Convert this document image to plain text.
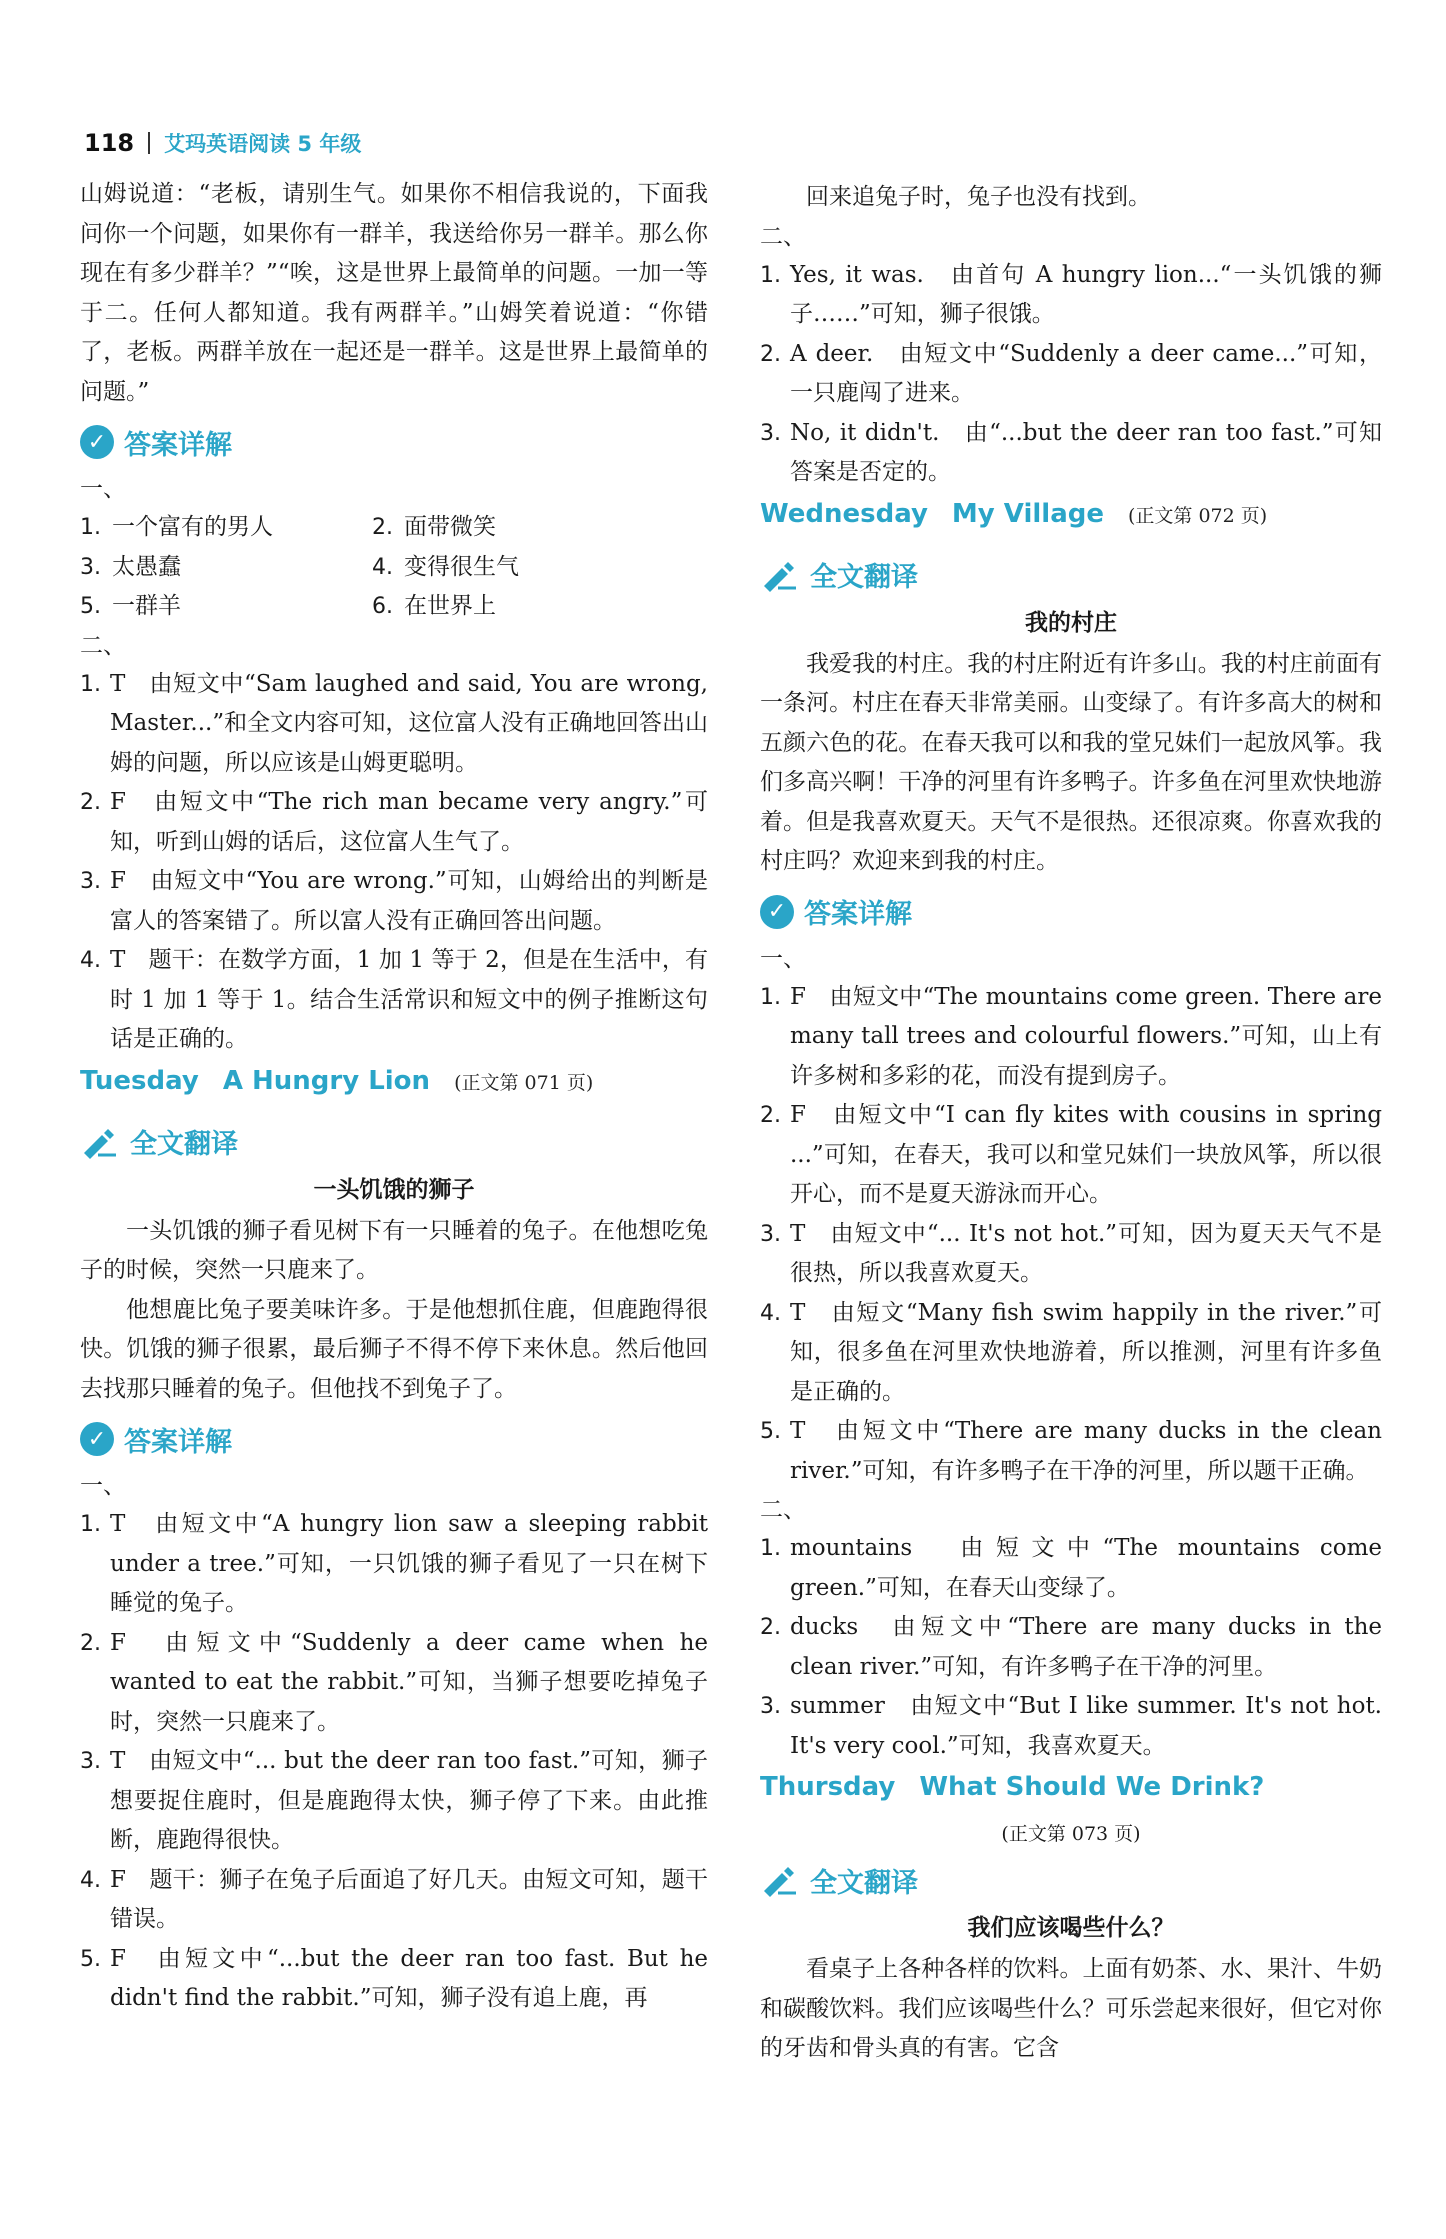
118 艾玛英语阅读 5 年级

山姆说道：“老板，请别生气。如果你不相信我说的，下面我问你一个问题，如果你有一群羊，我送给你另一群羊。那么你现在有多少群羊？”“唉，这是世界上最简单的问题。一加一等于二。任何人都知道。我有两群羊。”山姆笑着说道：“你错了，老板。两群羊放在一起还是一群羊。这是世界上最简单的问题。”

✓ 答案详解

一、

1. 一个富有的男人	2. 面带微笑
3. 太愚蠢	4. 变得很生气
5. 一群羊	6. 在世界上

二、

1. T　由短文中“Sam laughed and said, You are wrong, Master...”和全文内容可知，这位富人没有正确地回答出山姆的问题，所以应该是山姆更聪明。
2. F　由短文中“The rich man became very angry.”可知，听到山姆的话后，这位富人生气了。
3. F　由短文中“You are wrong.”可知，山姆给出的判断是富人的答案错了。所以富人没有正确回答出问题。
4. T　题干：在数学方面，1 加 1 等于 2，但是在生活中，有时 1 加 1 等于 1。结合生活常识和短文中的例子推断这句话是正确的。
Tuesday A Hungry Lion (正文第 071 页)
全文翻译

一头饥饿的狮子

一头饥饿的狮子看见树下有一只睡着的兔子。在他想吃兔子的时候，突然一只鹿来了。

他想鹿比兔子要美味许多。于是他想抓住鹿，但鹿跑得很快。饥饿的狮子很累，最后狮子不得不停下来休息。然后他回去找那只睡着的兔子。但他找不到兔子了。

✓ 答案详解

一、

1. T　由短文中“A hungry lion saw a sleeping rabbit under a tree.”可知，一只饥饿的狮子看见了一只在树下睡觉的兔子。
2. F　由短文中“Suddenly a deer came when he wanted to eat the rabbit.”可知，当狮子想要吃掉兔子时，突然一只鹿来了。
3. T　由短文中“... but the deer ran too fast.”可知，狮子想要捉住鹿时，但是鹿跑得太快，狮子停了下来。由此推断，鹿跑得很快。
4. F　题干：狮子在兔子后面追了好几天。由短文可知，题干错误。
5. F　由短文中“...but the deer ran too fast. But he didn't find the rabbit.”可知，狮子没有追上鹿，再

回来追兔子时，兔子也没有找到。

二、

1. Yes, it was.　由首句 A hungry lion...“一头饥饿的狮子……”可知，狮子很饿。
2. A deer.　由短文中“Suddenly a deer came...”可知，一只鹿闯了进来。
3. No, it didn't.　由“...but the deer ran too fast.”可知答案是否定的。
Wednesday My Village (正文第 072 页)
全文翻译

我的村庄

我爱我的村庄。我的村庄附近有许多山。我的村庄前面有一条河。村庄在春天非常美丽。山变绿了。有许多高大的树和五颜六色的花。在春天我可以和我的堂兄妹们一起放风筝。我们多高兴啊！干净的河里有许多鸭子。许多鱼在河里欢快地游着。但是我喜欢夏天。天气不是很热。还很凉爽。你喜欢我的村庄吗？欢迎来到我的村庄。

✓ 答案详解

一、

1. F　由短文中“The mountains come green. There are many tall trees and colourful flowers.”可知，山上有许多树和多彩的花，而没有提到房子。
2. F　由短文中“I can fly kites with cousins in spring ...”可知，在春天，我可以和堂兄妹们一块放风筝，所以很开心，而不是夏天游泳而开心。
3. T　由短文中“... It's not hot.”可知，因为夏天天气不是很热，所以我喜欢夏天。
4. T　由短文“Many fish swim happily in the river.”可知，很多鱼在河里欢快地游着，所以推测，河里有许多鱼是正确的。
5. T　由短文中“There are many ducks in the clean river.”可知，有许多鸭子在干净的河里，所以题干正确。

二、

1. mountains　由短文中“The mountains come green.”可知，在春天山变绿了。
2. ducks　由短文中“There are many ducks in the clean river.”可知，有许多鸭子在干净的河里。
3. summer　由短文中“But I like summer. It's not hot. It's very cool.”可知，我喜欢夏天。
Thursday What Should We Drink?

(正文第 073 页)

全文翻译

我们应该喝些什么？

看桌子上各种各样的饮料。上面有奶茶、水、果汁、牛奶和碳酸饮料。我们应该喝些什么？可乐尝起来很好，但它对你的牙齿和骨头真的有害。它含
